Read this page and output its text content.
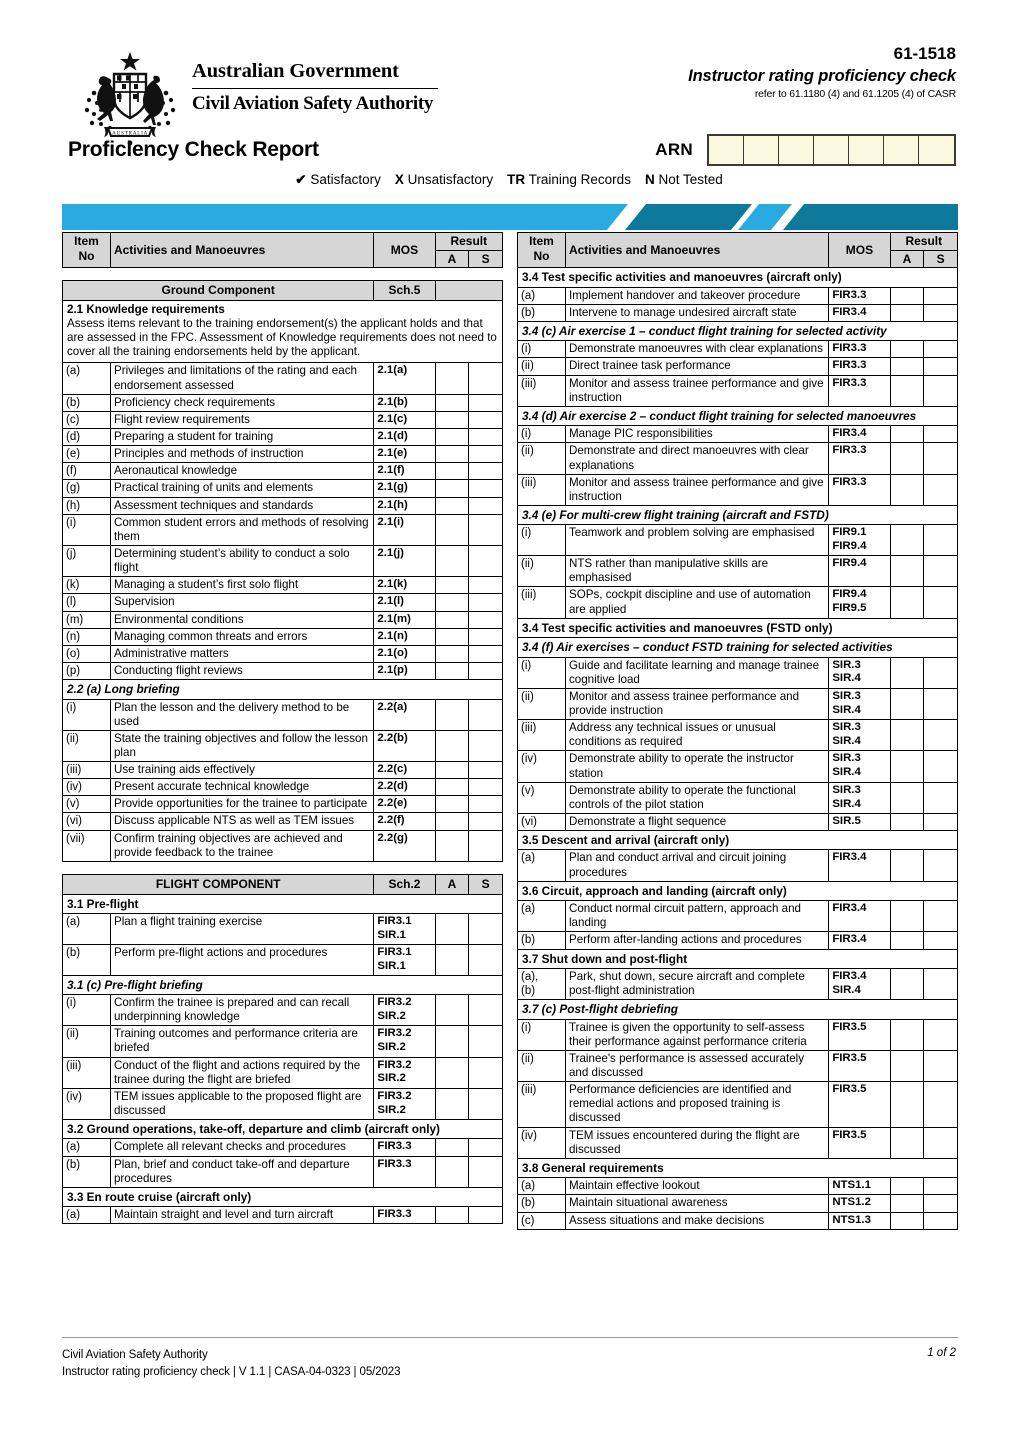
AUSTRALIA
Australian Government
Civil Aviation Safety Authority
Proficiency Check Report
61-1518
Instructor rating proficiency check
refer to 61.1180 (4) and 61.1205 (4) of CASR
ARN
✔ Satisfactory X Unsatisfactory TR Training Records N Not Tested
Item
No	Activities and Manoeuvres	MOS	Result	
			A	S
Ground Component		Sch.5		

2.1 Knowledge requirements
Assess items relevant to the training endorsement(s) the applicant holds and that are assessed in the FPC. Assessment of Knowledge requirements does not need to cover all the training endorsements held by the applicant.				

(a)	Privileges and limitations of the rating and each endorsement assessed	2.1(a)		

(b)	Proficiency check requirements	2.1(b)		

(c)	Flight review requirements	2.1(c)		

(d)	Preparing a student for training	2.1(d)		

(e)	Principles and methods of instruction	2.1(e)		

(f)	Aeronautical knowledge	2.1(f)		

(g)	Practical training of units and elements	2.1(g)		

(h)	Assessment techniques and standards	2.1(h)		

(i)	Common student errors and methods of resolving them	2.1(i)		

(j)	Determining student’s ability to conduct a solo flight	2.1(j)		

(k)	Managing a student’s first solo flight	2.1(k)		

(l)	Supervision	2.1(l)		

(m)	Environmental conditions	2.1(m)		

(n)	Managing common threats and errors	2.1(n)		

(o)	Administrative matters	2.1(o)		

(p)	Conducting flight reviews	2.1(p)		

2.2 (a) Long briefing				

(i)	Plan the lesson and the delivery method to be used	2.2(a)		

(ii)	State the training objectives and follow the lesson plan	2.2(b)		

(iii)	Use training aids effectively	2.2(c)		

(iv)	Present accurate technical knowledge	2.2(d)		

(v)	Provide opportunities for the trainee to participate	2.2(e)		

(vi)	Discuss applicable NTS as well as TEM issues	2.2(f)		

(vii)	Confirm training objectives are achieved and provide feedback to the trainee	2.2(g)		

FLIGHT COMPONENT		Sch.2	A	S
3.1 Pre-flight				

(a)	Plan a flight training exercise	FIR3.1
SIR.1		

(b)	Perform pre-flight actions and procedures	FIR3.1
SIR.1		

3.1 (c) Pre-flight briefing				

(i)	Confirm the trainee is prepared and can recall underpinning knowledge	FIR3.2
SIR.2		

(ii)	Training outcomes and performance criteria are briefed	FIR3.2
SIR.2		

(iii)	Conduct of the flight and actions required by the trainee during the flight are briefed	FIR3.2
SIR.2		

(iv)	TEM issues applicable to the proposed flight are discussed	FIR3.2
SIR.2		

3.2 Ground operations, take-off, departure and climb (aircraft only)				

(a)	Complete all relevant checks and procedures	FIR3.3		

(b)	Plan, brief and conduct take-off and departure procedures	FIR3.3		

3.3 En route cruise (aircraft only)				

(a)	Maintain straight and level and turn aircraft	FIR3.3		

Item
No	Activities and Manoeuvres	MOS	Result	
			A	S
3.4 Test specific activities and manoeuvres (aircraft only)				

(a)	Implement handover and takeover procedure	FIR3.3		

(b)	Intervene to manage undesired aircraft state	FIR3.4		

3.4 (c) Air exercise 1 – conduct flight training for selected activity				

(i)	Demonstrate manoeuvres with clear explanations	FIR3.3		

(ii)	Direct trainee task performance	FIR3.3		

(iii)	Monitor and assess trainee performance and give instruction	FIR3.3		

3.4 (d) Air exercise 2 – conduct flight training for selected manoeuvres				

(i)	Manage PIC responsibilities	FIR3.4		

(ii)	Demonstrate and direct manoeuvres with clear explanations	FIR3.3		

(iii)	Monitor and assess trainee performance and give instruction	FIR3.3		

3.4 (e) For multi-crew flight training (aircraft and FSTD)				

(i)	Teamwork and problem solving are emphasised	FIR9.1
FIR9.4		

(ii)	NTS rather than manipulative skills are emphasised	FIR9.4		

(iii)	SOPs, cockpit discipline and use of automation are applied	FIR9.4
FIR9.5		

3.4 Test specific activities and manoeuvres (FSTD only)				
3.4 (f) Air exercises – conduct FSTD training for selected activities				

(i)	Guide and facilitate learning and manage trainee cognitive load	SIR.3
SIR.4		

(ii)	Monitor and assess trainee performance and provide instruction	SIR.3
SIR.4		

(iii)	Address any technical issues or unusual conditions as required	SIR.3
SIR.4		

(iv)	Demonstrate ability to operate the instructor station	SIR.3
SIR.4		

(v)	Demonstrate ability to operate the functional controls of the pilot station	SIR.3
SIR.4		

(vi)	Demonstrate a flight sequence	SIR.5		

3.5 Descent and arrival (aircraft only)				

(a)	Plan and conduct arrival and circuit joining procedures	FIR3.4		

3.6 Circuit, approach and landing (aircraft only)				

(a)	Conduct normal circuit pattern, approach and landing	FIR3.4		

(b)	Perform after-landing actions and procedures	FIR3.4		

3.7 Shut down and post-flight				

(a),
(b)
	Park, shut down, secure aircraft and complete post-flight administration	
FIR3.4
SIR.4

3.7 (c) Post-flight debriefing				

(i)	Trainee is given the opportunity to self-assess their performance against performance criteria	FIR3.5		

(ii)	Trainee's performance is assessed accurately and discussed	FIR3.5		

(iii)	Performance deficiencies are identified and remedial actions and proposed training is discussed	FIR3.5		

(iv)	TEM issues encountered during the flight are discussed	FIR3.5		

3.8 General requirements				

(a)	Maintain effective lookout	NTS1.1		

(b)	Maintain situational awareness	NTS1.2		

(c)	Assess situations and make decisions	NTS1.3		

Civil Aviation Safety Authority
Instructor rating proficiency check | V 1.1 | CASA-04-0323 | 05/2023
1 of 2
